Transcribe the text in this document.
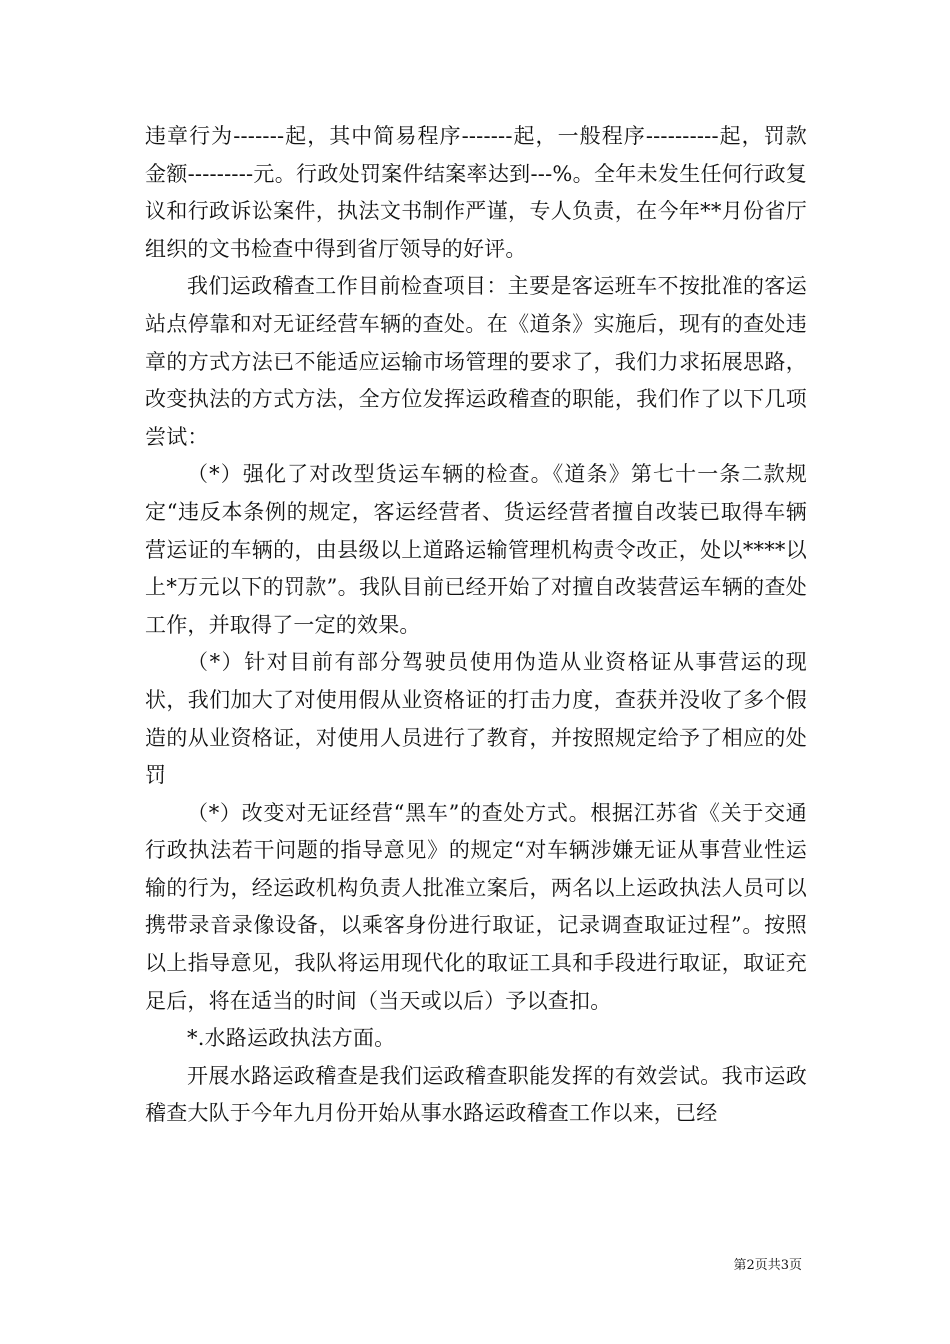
违章行为-------起，其中简易程序-------起，一般程序----------起，罚款金额---------元。行政处罚案件结案率达到---%。全年未发生任何行政复议和行政诉讼案件，执法文书制作严谨，专人负责，在今年**月份省厅组织的文书检查中得到省厅领导的好评。

我们运政稽查工作目前检查项目：主要是客运班车不按批准的客运站点停靠和对无证经营车辆的查处。在《道条》实施后，现有的查处违章的方式方法已不能适应运输市场管理的要求了，我们力求拓展思路，改变执法的方式方法，全方位发挥运政稽查的职能，我们作了以下几项尝试：

（*）强化了对改型货运车辆的检查。《道条》第七十一条二款规定“违反本条例的规定，客运经营者、货运经营者擅自改装已取得车辆营运证的车辆的，由县级以上道路运输管理机构责令改正，处以****以上*万元以下的罚款”。我队目前已经开始了对擅自改装营运车辆的查处工作，并取得了一定的效果。

（*）针对目前有部分驾驶员使用伪造从业资格证从事营运的现状，我们加大了对使用假从业资格证的打击力度，查获并没收了多个假造的从业资格证，对使用人员进行了教育，并按照规定给予了相应的处罚

（*）改变对无证经营“黑车”的查处方式。根据江苏省《关于交通行政执法若干问题的指导意见》的规定“对车辆涉嫌无证从事营业性运输的行为，经运政机构负责人批准立案后，两名以上运政执法人员可以携带录音录像设备，以乘客身份进行取证，记录调查取证过程”。按照以上指导意见，我队将运用现代化的取证工具和手段进行取证，取证充足后，将在适当的时间（当天或以后）予以查扣。

*.水路运政执法方面。

开展水路运政稽查是我们运政稽查职能发挥的有效尝试。我市运政稽查大队于今年九月份开始从事水路运政稽查工作以来，已经

第2页共3页
